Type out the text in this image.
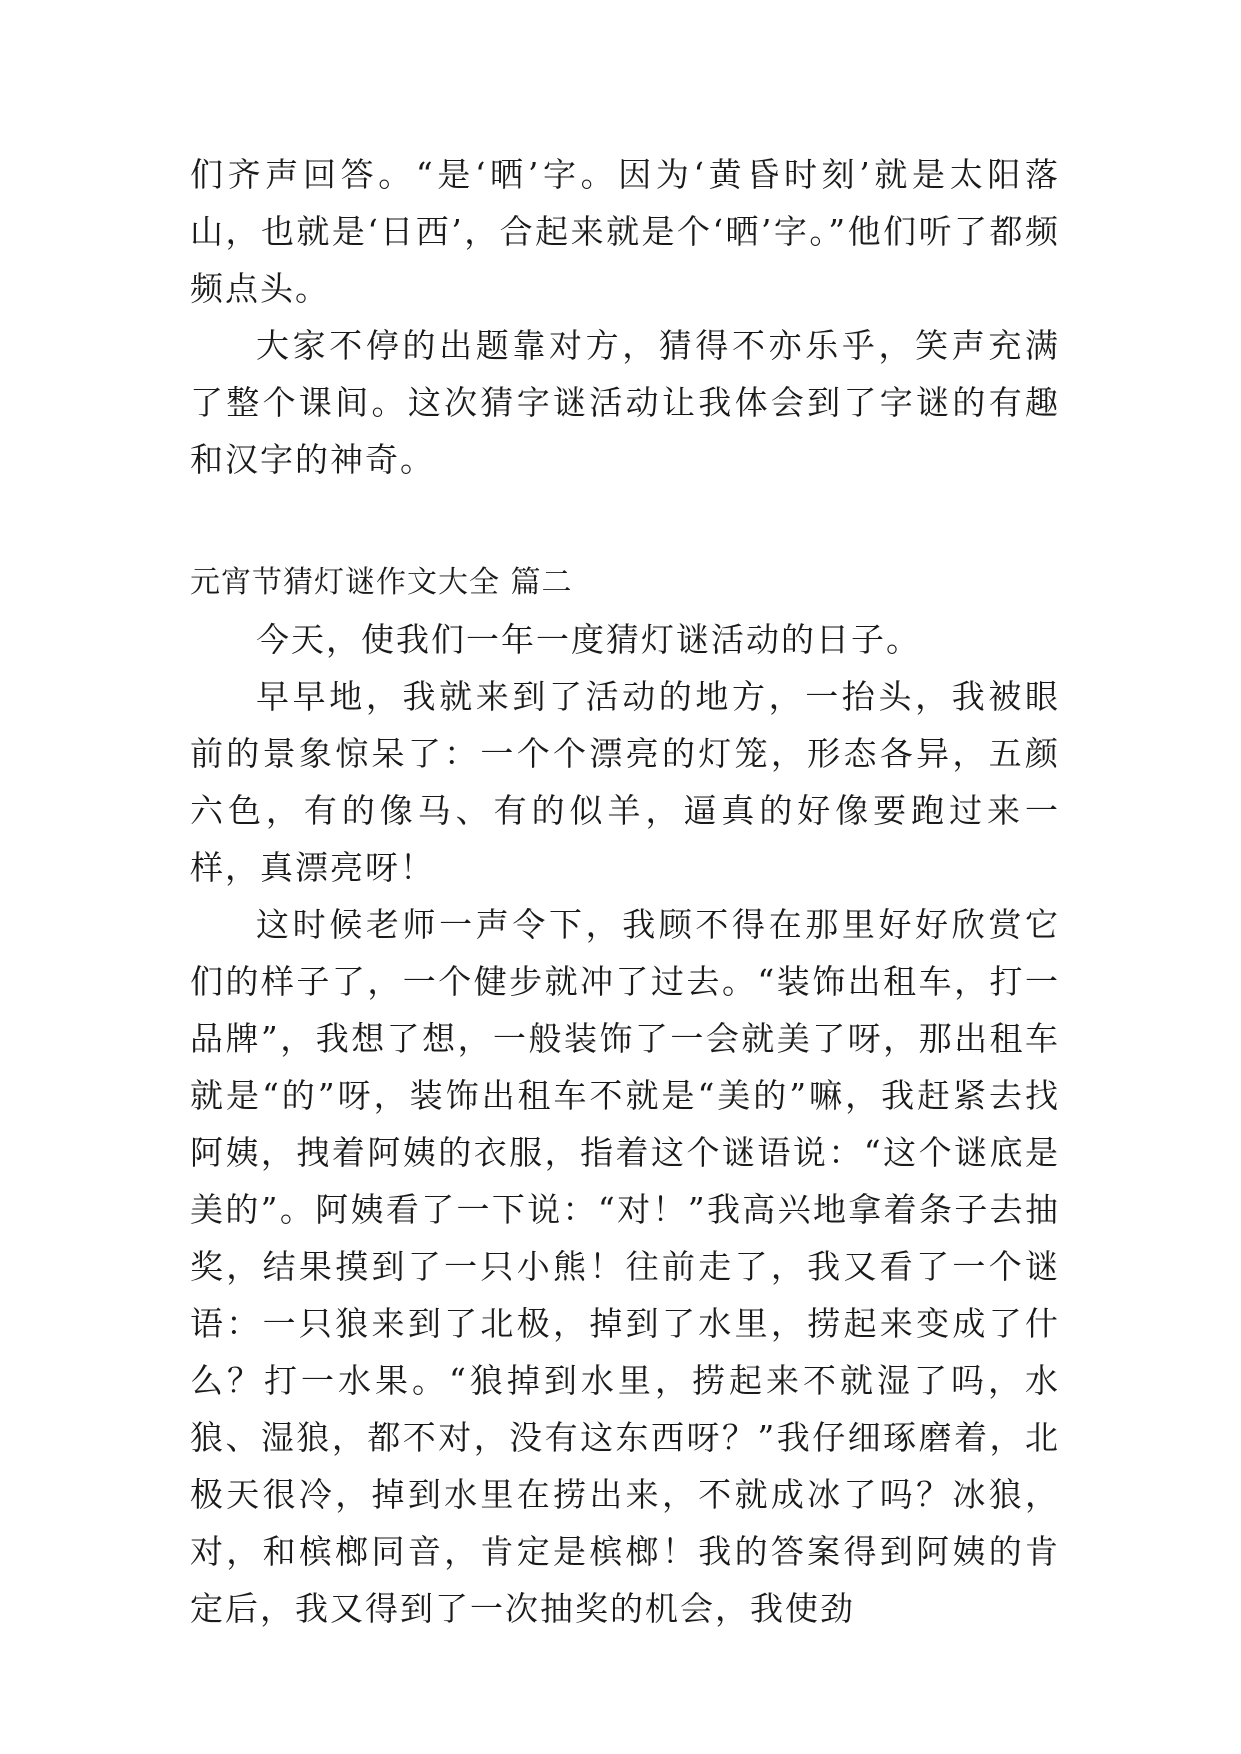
们齐声回答。“是‘晒’字。因为‘黄昏时刻’就是太阳落山，也就是‘日西’，合起来就是个‘晒’字。”他们听了都频频点头。

大家不停的出题靠对方，猜得不亦乐乎，笑声充满了整个课间。这次猜字谜活动让我体会到了字谜的有趣和汉字的神奇。

元宵节猜灯谜作文大全 篇二

今天，使我们一年一度猜灯谜活动的日子。

早早地，我就来到了活动的地方，一抬头，我被眼前的景象惊呆了：一个个漂亮的灯笼，形态各异，五颜六色，有的像马、有的似羊，逼真的好像要跑过来一样，真漂亮呀！

这时候老师一声令下，我顾不得在那里好好欣赏它们的样子了，一个健步就冲了过去。“装饰出租车，打一品牌”，我想了想，一般装饰了一会就美了呀，那出租车就是“的”呀，装饰出租车不就是“美的”嘛，我赶紧去找阿姨，拽着阿姨的衣服，指着这个谜语说：“这个谜底是美的”。阿姨看了一下说：“对！”我高兴地拿着条子去抽奖，结果摸到了一只小熊！往前走了，我又看了一个谜语：一只狼来到了北极，掉到了水里，捞起来变成了什么？打一水果。“狼掉到水里，捞起来不就湿了吗，水狼、湿狼，都不对，没有这东西呀？”我仔细琢磨着，北极天很冷，掉到水里在捞出来，不就成冰了吗？冰狼，对，和槟榔同音，肯定是槟榔！我的答案得到阿姨的肯定后，我又得到了一次抽奖的机会，我使劲
